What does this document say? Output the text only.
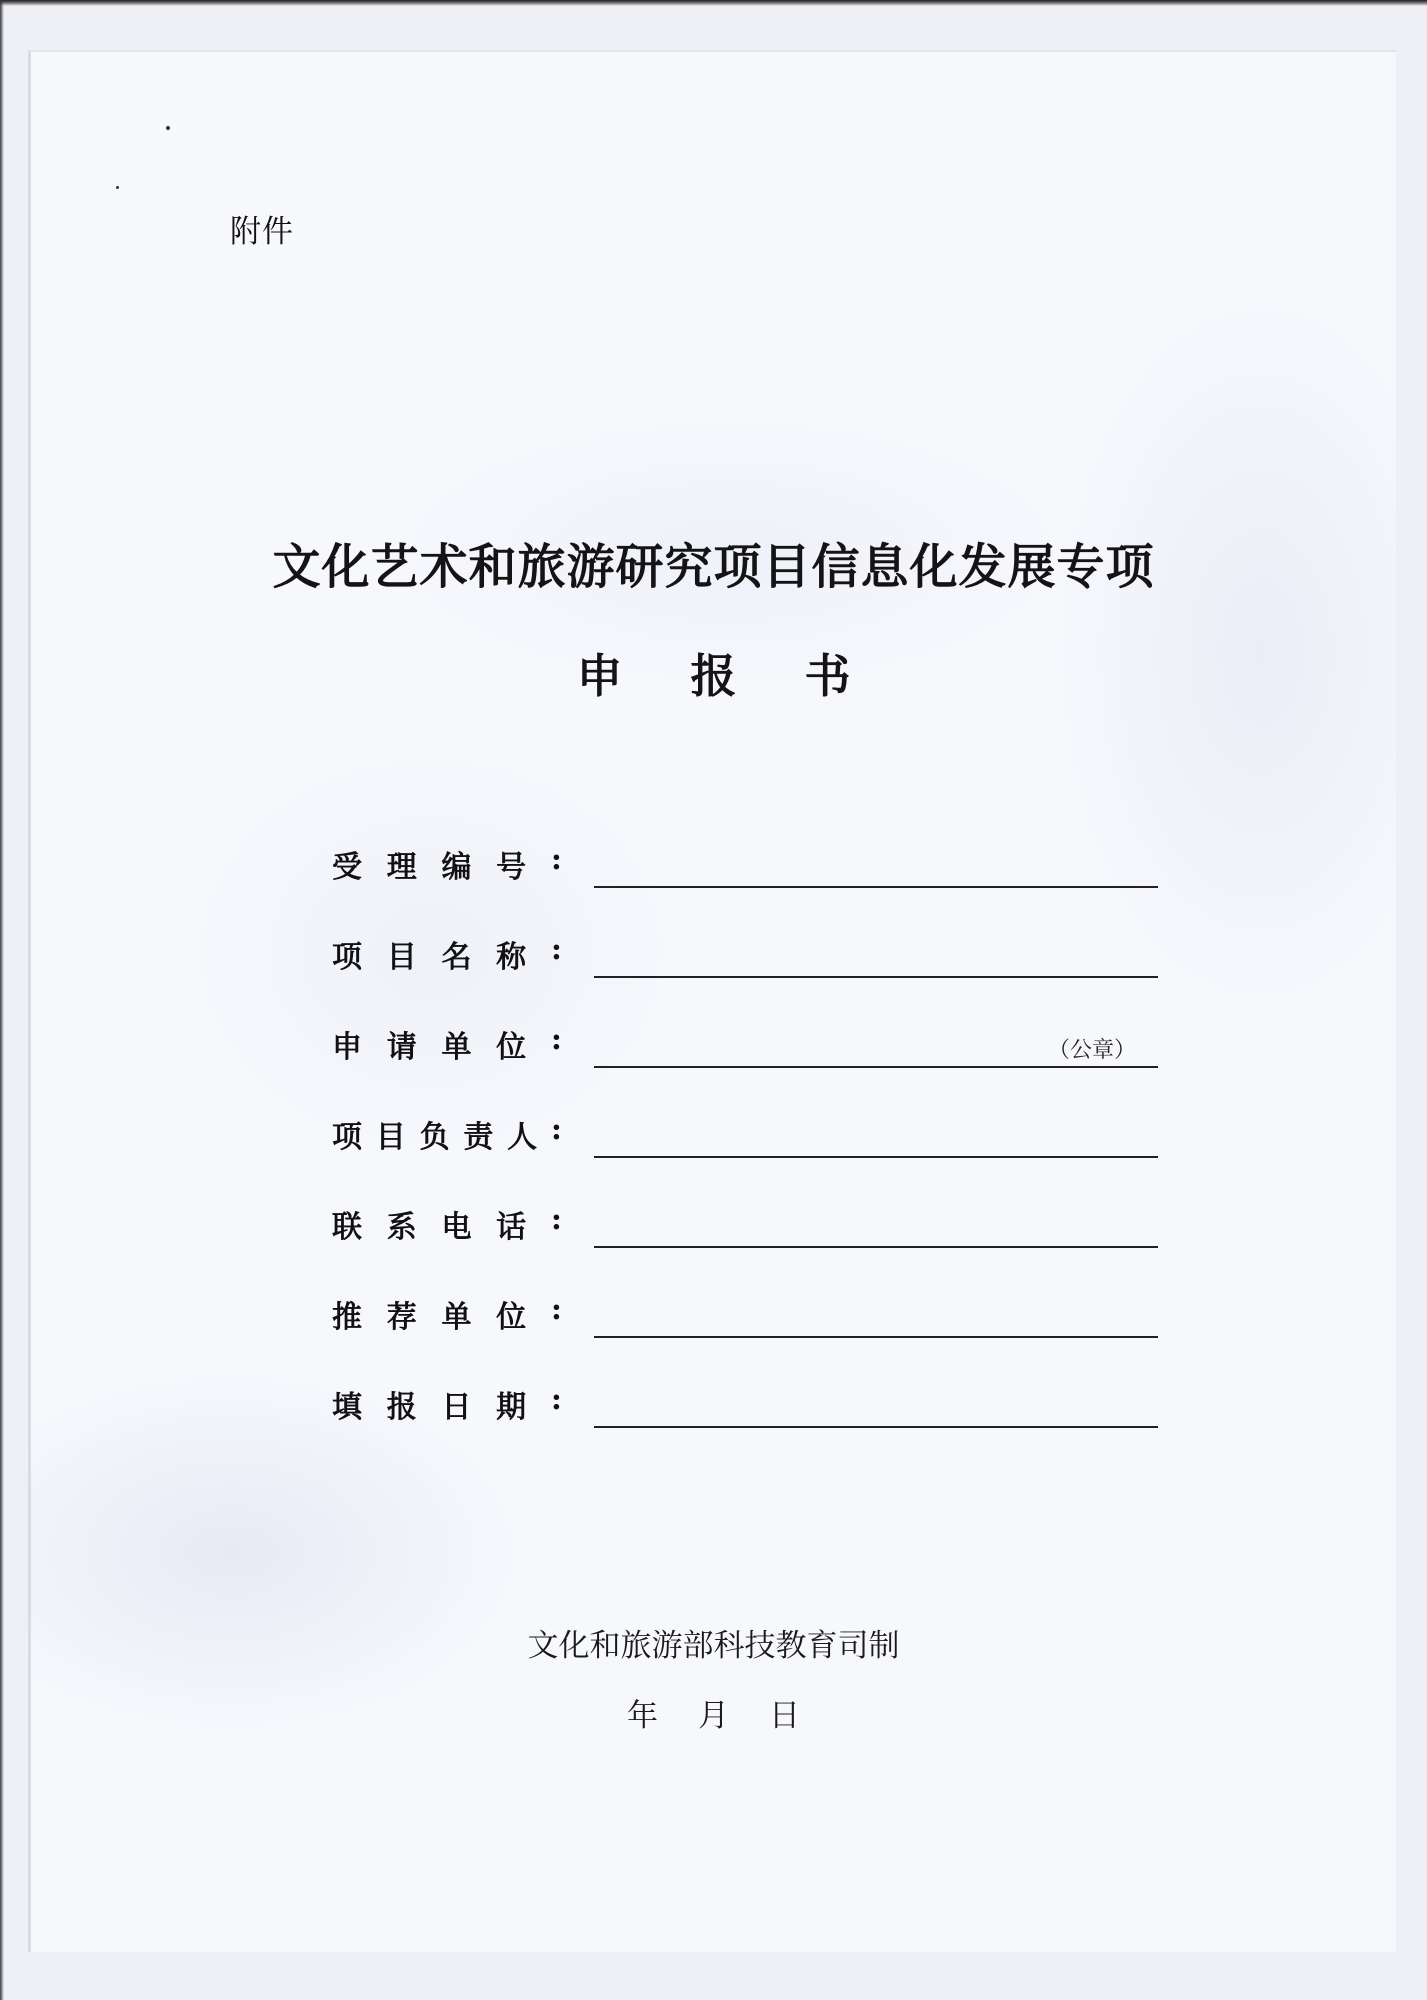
附件
文化艺术和旅游研究项目信息化发展专项
申 报 书
受 理 编 号 :
项 目 名 称 :
申 请 单 位 :	（公章）
项 目 负 责 人 :
联 系 电 话 :
推 荐 单 位 :
填 报 日 期 :
文化和旅游部科技教育司制
年 月 日
